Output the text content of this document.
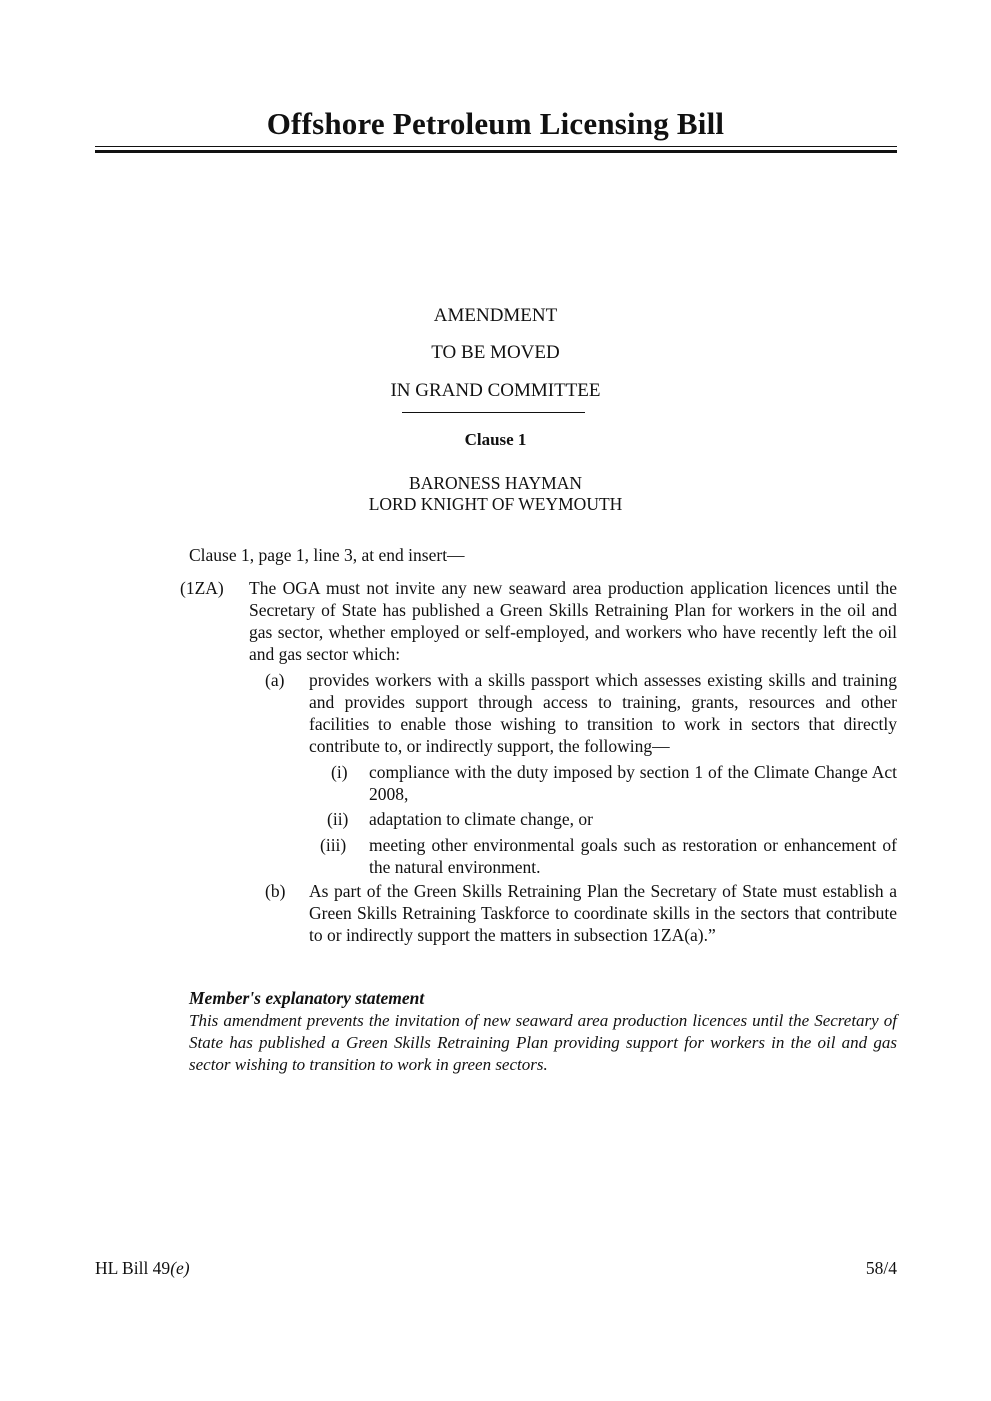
Offshore Petroleum Licensing Bill
AMENDMENT
TO BE MOVED
IN GRAND COMMITTEE
Clause 1
BARONESS HAYMAN
LORD KNIGHT OF WEYMOUTH
Clause 1, page 1, line 3, at end insert—
(1ZA) The OGA must not invite any new seaward area production application licences until the Secretary of State has published a Green Skills Retraining Plan for workers in the oil and gas sector, whether employed or self-employed, and workers who have recently left the oil and gas sector which:
(a) provides workers with a skills passport which assesses existing skills and training and provides support through access to training, grants, resources and other facilities to enable those wishing to transition to work in sectors that directly contribute to, or indirectly support, the following—
(i) compliance with the duty imposed by section 1 of the Climate Change Act 2008,
(ii) adaptation to climate change, or
(iii) meeting other environmental goals such as restoration or enhancement of the natural environment.
(b) As part of the Green Skills Retraining Plan the Secretary of State must establish a Green Skills Retraining Taskforce to coordinate skills in the sectors that contribute to or indirectly support the matters in subsection 1ZA(a).”
Member's explanatory statement
This amendment prevents the invitation of new seaward area production licences until the Secretary of State has published a Green Skills Retraining Plan providing support for workers in the oil and gas sector wishing to transition to work in green sectors.
HL Bill 49(e)	58/4
